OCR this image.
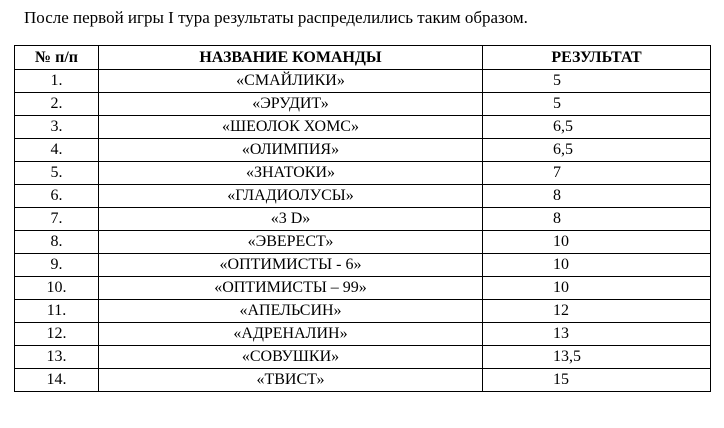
После первой игры I тура результаты распределились таким образом.
№ п/п	НАЗВАНИЕ КОМАНДЫ	РЕЗУЛЬТАТ
1.	«СМАЙЛИКИ»	5
2.	«ЭРУДИТ»	5
3.	«ШЕОЛОК ХОМС»	6,5
4.	«ОЛИМПИЯ»	6,5
5.	«ЗНАТОКИ»	7
6.	«ГЛАДИОЛУСЫ»	8
7.	«3 D»	8
8.	«ЭВЕРЕСТ»	10
9.	«ОПТИМИСТЫ - 6»	10
10.	«ОПТИМИСТЫ – 99»	10
11.	«АПЕЛЬСИН»	12
12.	«АДРЕНАЛИН»	13
13.	«СОВУШКИ»	13,5
14.	«ТВИСТ»	15
